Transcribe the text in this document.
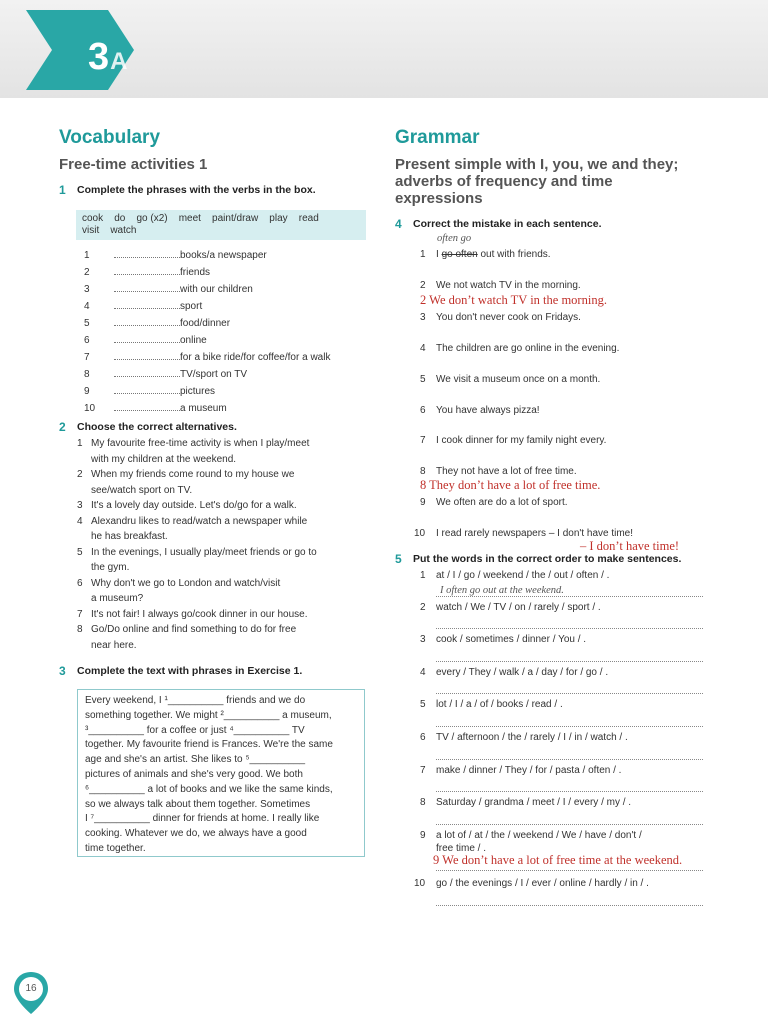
3A
Vocabulary
Free-time activities 1
1 Complete the phrases with the verbs in the box.
cook    do    go (x2)    meet    paint/draw    play    read
visit    watch
1	books/a newspaper
2	friends
3	with our children
4	sport
5	food/dinner
6	online
7	for a bike ride/for coffee/for a walk
8	TV/sport on TV
9	pictures
10	a museum
2 Choose the correct alternatives.
1 My favourite free-time activity is when I play/meet
with my children at the weekend.
2 When my friends come round to my house we
see/watch sport on TV.
3 It's a lovely day outside. Let's do/go for a walk.
4 Alexandru likes to read/watch a newspaper while
he has breakfast.
5 In the evenings, I usually play/meet friends or go to
the gym.
6 Why don't we go to London and watch/visit
a museum?
7 It's not fair! I always go/cook dinner in our house.
8 Go/Do online and find something to do for free
near here.
3 Complete the text with phrases in Exercise 1.
Every weekend, I ¹__________ friends and we do
something together. We might ²__________ a museum,
³__________ for a coffee or just ⁴__________ TV
together. My favourite friend is Frances. We're the same
age and she's an artist. She likes to ⁵__________
pictures of animals and she's very good. We both
⁶__________ a lot of books and we like the same kinds,
so we always talk about them together. Sometimes
I ⁷__________ dinner for friends at home. I really like
cooking. Whatever we do, we always have a good
time together.
Grammar
Present simple with I, you, we and they;
adverbs of frequency and time
expressions
4 Correct the mistake in each sentence.
often go
1 I go often out with friends.
2 We not watch TV in the morning.
2 We don’t watch TV in the morning.
3 You don't never cook on Fridays.
4 The children are go online in the evening.
5 We visit a museum once on a month.
6 You have always pizza!
7 I cook dinner for my family night every.
8 They not have a lot of free time.
8 They don’t have a lot of free time.
9 We often are do a lot of sport.
10 I read rarely newspapers – I don't have time!
– I don’t have time!
5 Put the words in the correct order to make sentences.
1 at / I / go / weekend / the / out / often / .
I often go out at the weekend.
2 watch / We / TV / on / rarely / sport / .
3 cook / sometimes / dinner / You / .
4 every / They / walk / a / day / for / go / .
5 lot / I / a / of / books / read / .
6 TV / afternoon / the / rarely / I / in / watch / .
7 make / dinner / They / for / pasta / often / .
8 Saturday / grandma / meet / I / every / my / .
9 a lot of / at / the / weekend / We / have / don't /
free time / .
9 We don’t have a lot of free time at the weekend.
10 go / the evenings / I / ever / online / hardly / in / .
16
